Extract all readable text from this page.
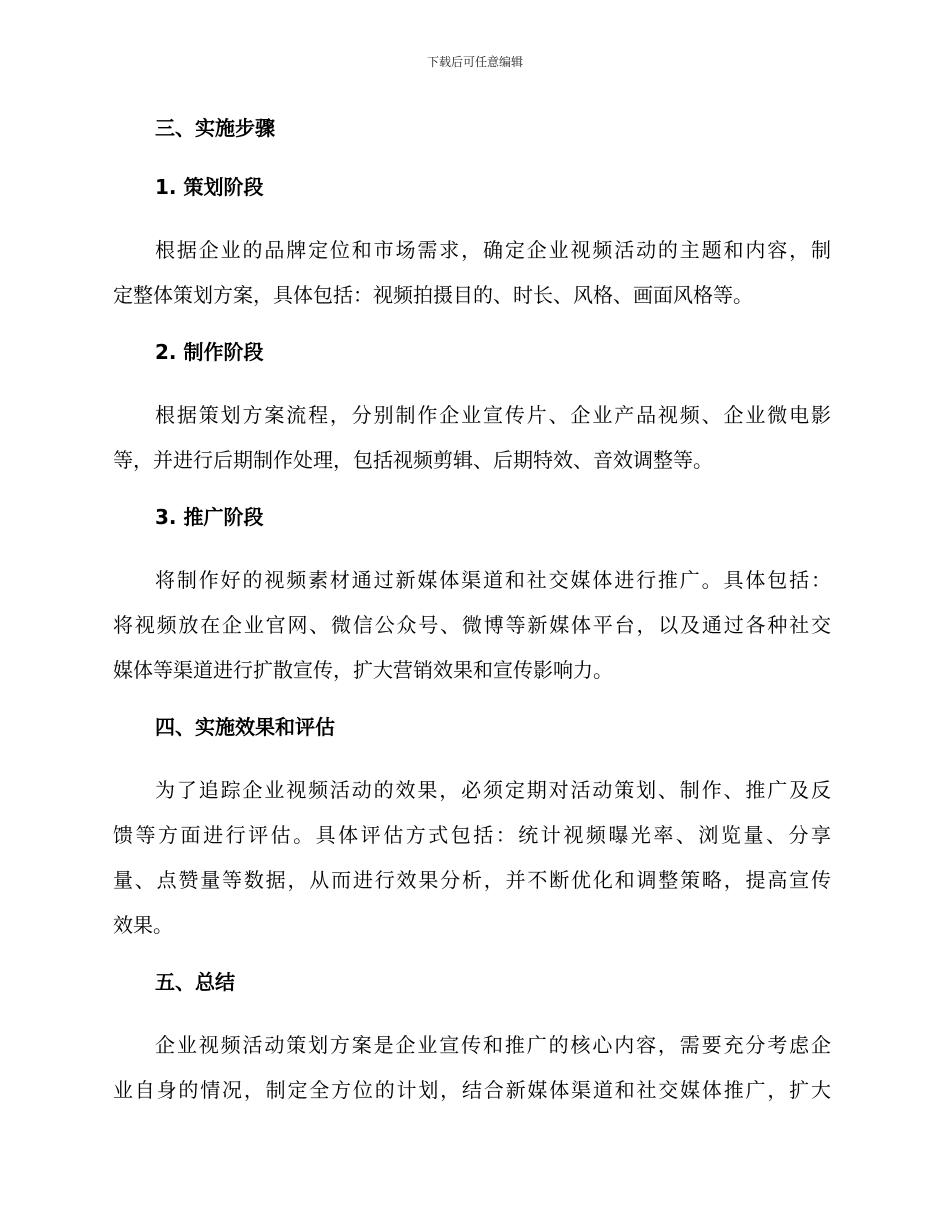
下载后可任意编辑
三、实施步骤
1. 策划阶段
根据企业的品牌定位和市场需求，确定企业视频活动的主题和内容，制
定整体策划方案，具体包括：视频拍摄目的、时长、风格、画面风格等。
2. 制作阶段
根据策划方案流程，分别制作企业宣传片、企业产品视频、企业微电影
等，并进行后期制作处理，包括视频剪辑、后期特效、音效调整等。
3. 推广阶段
将制作好的视频素材通过新媒体渠道和社交媒体进行推广。具体包括：
将视频放在企业官网、微信公众号、微博等新媒体平台，以及通过各种社交
媒体等渠道进行扩散宣传，扩大营销效果和宣传影响力。
四、实施效果和评估
为了追踪企业视频活动的效果，必须定期对活动策划、制作、推广及反
馈等方面进行评估。具体评估方式包括：统计视频曝光率、浏览量、分享
量、点赞量等数据，从而进行效果分析，并不断优化和调整策略，提高宣传
效果。
五、总结
企业视频活动策划方案是企业宣传和推广的核心内容，需要充分考虑企
业自身的情况，制定全方位的计划，结合新媒体渠道和社交媒体推广，扩大
